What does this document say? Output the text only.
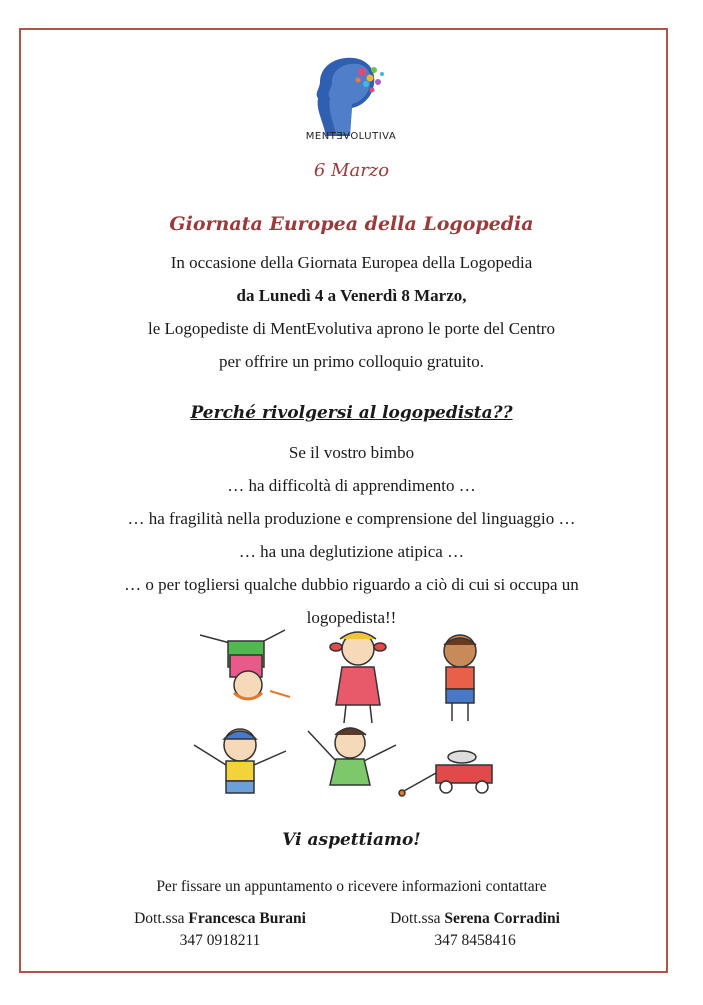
MENTƎVOLUTIVA
6 Marzo
Giornata Europea della Logopedia
In occasione della Giornata Europea della Logopedia
da Lunedì 4 a Venerdì 8 Marzo,
le Logopediste di MentEvolutiva aprono le porte del Centro
per offrire un primo colloquio gratuito.
Perché rivolgersi al logopedista??
Se il vostro bimbo
… ha difficoltà di apprendimento …
… ha fragilità nella produzione e comprensione del linguaggio …
… ha una deglutizione atipica …
… o per togliersi qualche dubbio riguardo a ciò di cui si occupa un
logopedista!!
Vi aspettiamo!
Per fissare un appuntamento o ricevere informazioni contattare
Dott.ssa Francesca Burani
347 0918211
Dott.ssa Serena Corradini
347 8458416
